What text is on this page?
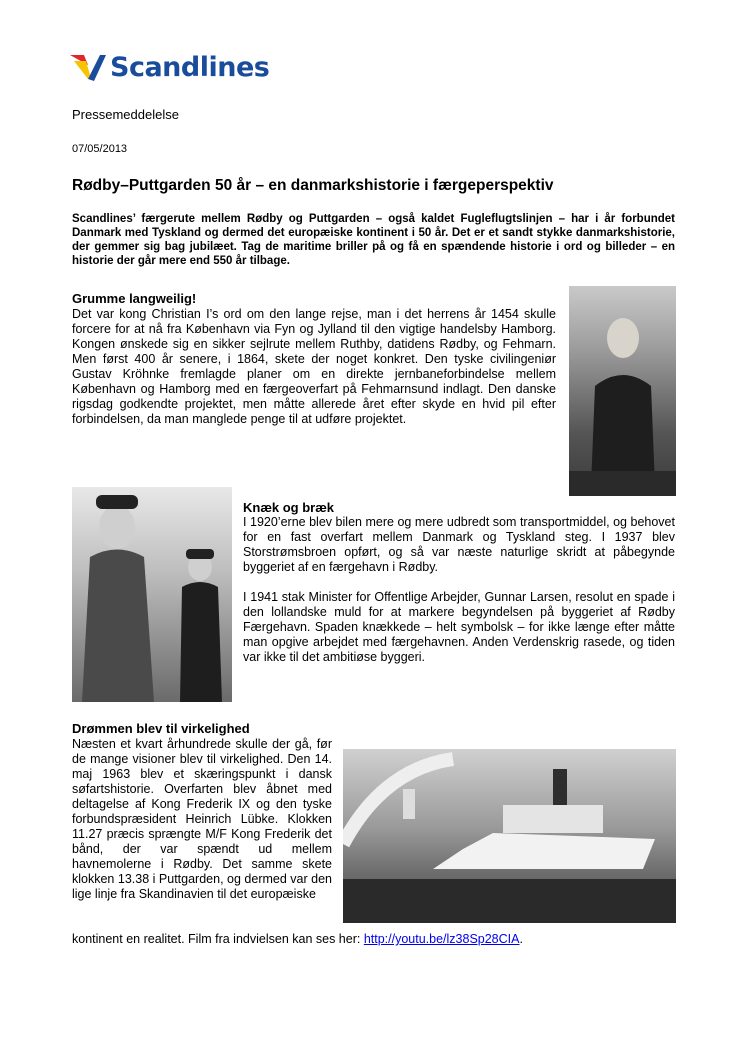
Scandlines
Pressemeddelelse
07/05/2013
Rødby–Puttgarden 50 år – en danmarkshistorie i færgeperspektiv
Scandlines’ færgerute mellem Rødby og Puttgarden – også kaldet Fugleflugtslinjen – har i år forbundet Danmark med Tyskland og dermed det europæiske kontinent i 50 år. Det er et sandt stykke danmarkshistorie, der gemmer sig bag jubilæet. Tag de maritime briller på og få en spændende historie i ord og billeder – en historie der går mere end 550 år tilbage.
Grumme langweilig!
Det var kong Christian I’s ord om den lange rejse, man i det herrens år 1454 skulle forcere for at nå fra København via Fyn og Jylland til den vigtige handelsby Hamborg. Kongen ønskede sig en sikker sejlrute mellem Ruthby, datidens Rødby, og Fehmarn. Men først 400 år senere, i 1864, skete der noget konkret. Den tyske civilingeniør Gustav Kröhnke fremlagde planer om en direkte jernbaneforbindelse mellem København og Hamborg med en færgeoverfart på Fehmarnsund indlagt. Den danske rigsdag godkendte projektet, men måtte allerede året efter skyde en hvid pil efter forbindelsen, da man manglede penge til at udføre projektet.
Knæk og bræk
I 1920’erne blev bilen mere og mere udbredt som transportmiddel, og behovet for en fast overfart mellem Danmark og Tyskland steg. I 1937 blev Storstrømsbroen opført, og så var næste naturlige skridt at påbegynde byggeriet af en færgehavn i Rødby.
I 1941 stak Minister for Offentlige Arbejder, Gunnar Larsen, resolut en spade i den lollandske muld for at markere begyndelsen på byggeriet af Rødby Færgehavn. Spaden knækkede – helt symbolsk – for ikke længe efter måtte man opgive arbejdet med færgehavnen. Anden Verdenskrig rasede, og tiden var ikke til det ambitiøse byggeri.
Drømmen blev til virkelighed
Næsten et kvart århundrede skulle der gå, før de mange visioner blev til virkelighed. Den 14. maj 1963 blev et skæringspunkt i dansk søfartshistorie. Overfarten blev åbnet med deltagelse af Kong Frederik IX og den tyske forbundspræsident Heinrich Lübke. Klokken 11.27 præcis sprængte M/F Kong Frederik det bånd, der var spændt ud mellem havnemolerne i Rødby. Det samme skete klokken 13.38 i Puttgarden, og dermed var den lige linje fra Skandinavien til det europæiske
kontinent en realitet. Film fra indvielsen kan ses her: http://youtu.be/lz38Sp28CIA.
